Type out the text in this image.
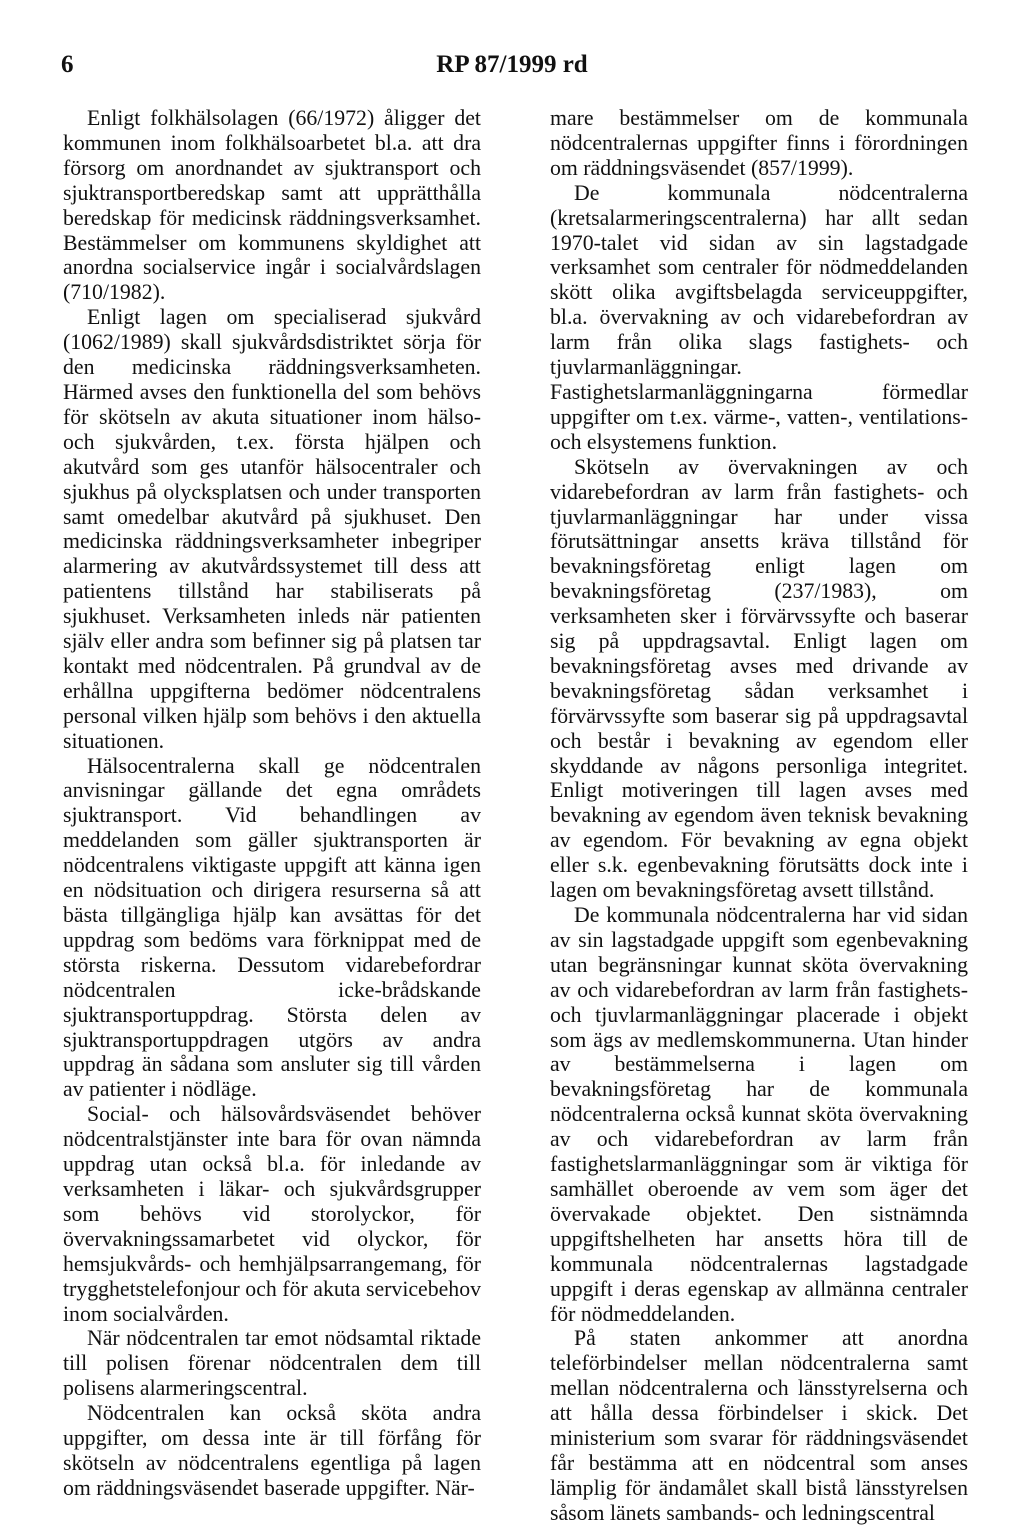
6	RP 87/1999 rd

Enligt folkhälsolagen (66/1972) åligger det kommunen inom folkhälsoarbetet bl.a. att dra försorg om anordnandet av sjuktransport och sjuktransportberedskap samt att upprätthålla beredskap för medicinsk räddningsverksamhet. Bestämmelser om kommunens skyldighet att anordna socialservice ingår i socialvårdslagen (710/1982).

Enligt lagen om specialiserad sjukvård (1062/1989) skall sjukvårdsdistriktet sörja för den medicinska räddningsverksamheten. Härmed avses den funktionella del som behövs för skötseln av akuta situationer inom hälso- och sjukvården, t.ex. första hjälpen och akutvård som ges utanför hälsocentraler och sjukhus på olycksplatsen och under transporten samt omedelbar akutvård på sjukhuset. Den medicinska räddningsverksamheter inbegriper alarmering av akutvårdssystemet till dess att patientens tillstånd har stabiliserats på sjukhuset. Verksamheten inleds när patienten själv eller andra som befinner sig på platsen tar kontakt med nödcentralen. På grundval av de erhållna uppgifterna bedömer nödcentralens personal vilken hjälp som behövs i den aktuella situationen.

Hälsocentralerna skall ge nödcentralen anvisningar gällande det egna områdets sjuktransport. Vid behandlingen av meddelanden som gäller sjuktransporten är nödcentralens viktigaste uppgift att känna igen en nödsituation och dirigera resurserna så att bästa tillgängliga hjälp kan avsättas för det uppdrag som bedöms vara förknippat med de största riskerna. Dessutom vidarebefordrar nödcentralen icke-brådskande sjuktransportuppdrag. Största delen av sjuktransportuppdragen utgörs av andra uppdrag än sådana som ansluter sig till vården av patienter i nödläge.

Social- och hälsovårdsväsendet behöver nödcentralstjänster inte bara för ovan nämnda uppdrag utan också bl.a. för inledande av verksamheten i läkar- och sjukvårdsgrupper som behövs vid storolyckor, för övervakningssamarbetet vid olyckor, för hemsjukvårds- och hemhjälpsarrangemang, för trygghetstelefonjour och för akuta servicebehov inom socialvården.

När nödcentralen tar emot nödsamtal riktade till polisen förenar nödcentralen dem till polisens alarmeringscentral.

Nödcentralen kan också sköta andra uppgifter, om dessa inte är till förfång för skötseln av nödcentralens egentliga på lagen om räddningsväsendet baserade uppgifter. När-

mare bestämmelser om de kommunala nödcentralernas uppgifter finns i förordningen om räddningsväsendet (857/1999).

De kommunala nödcentralerna (kretsalarmeringscentralerna) har allt sedan 1970-talet vid sidan av sin lagstadgade verksamhet som centraler för nödmeddelanden skött olika avgiftsbelagda serviceuppgifter, bl.a. övervakning av och vidarebefordran av larm från olika slags fastighets- och tjuvlarmanläggningar. Fastighetslarmanläggningarna förmedlar uppgifter om t.ex. värme-, vatten-, ventilations- och elsystemens funktion.

Skötseln av övervakningen av och vidarebefordran av larm från fastighets- och tjuvlarmanläggningar har under vissa förutsättningar ansetts kräva tillstånd för bevakningsföretag enligt lagen om bevakningsföretag (237/1983), om verksamheten sker i förvärvssyfte och baserar sig på uppdragsavtal. Enligt lagen om bevakningsföretag avses med drivande av bevakningsföretag sådan verksamhet i förvärvssyfte som baserar sig på uppdragsavtal och består i bevakning av egendom eller skyddande av någons personliga integritet. Enligt motiveringen till lagen avses med bevakning av egendom även teknisk bevakning av egendom. För bevakning av egna objekt eller s.k. egenbevakning förutsätts dock inte i lagen om bevakningsföretag avsett tillstånd.

De kommunala nödcentralerna har vid sidan av sin lagstadgade uppgift som egenbevakning utan begränsningar kunnat sköta övervakning av och vidarebefordran av larm från fastighets- och tjuvlarmanläggningar placerade i objekt som ägs av medlemskommunerna. Utan hinder av bestämmelserna i lagen om bevakningsföretag har de kommunala nödcentralerna också kunnat sköta övervakning av och vidarebefordran av larm från fastighetslarmanläggningar som är viktiga för samhället oberoende av vem som äger det övervakade objektet. Den sistnämnda uppgiftshelheten har ansetts höra till de kommunala nödcentralernas lagstadgade uppgift i deras egenskap av allmänna centraler för nödmeddelanden.

På staten ankommer att anordna teleförbindelser mellan nödcentralerna samt mellan nödcentralerna och länsstyrelserna och att hålla dessa förbindelser i skick. Det ministerium som svarar för räddningsväsendet får bestämma att en nödcentral som anses lämplig för ändamålet skall bistå länsstyrelsen såsom länets sambands- och ledningscentral
